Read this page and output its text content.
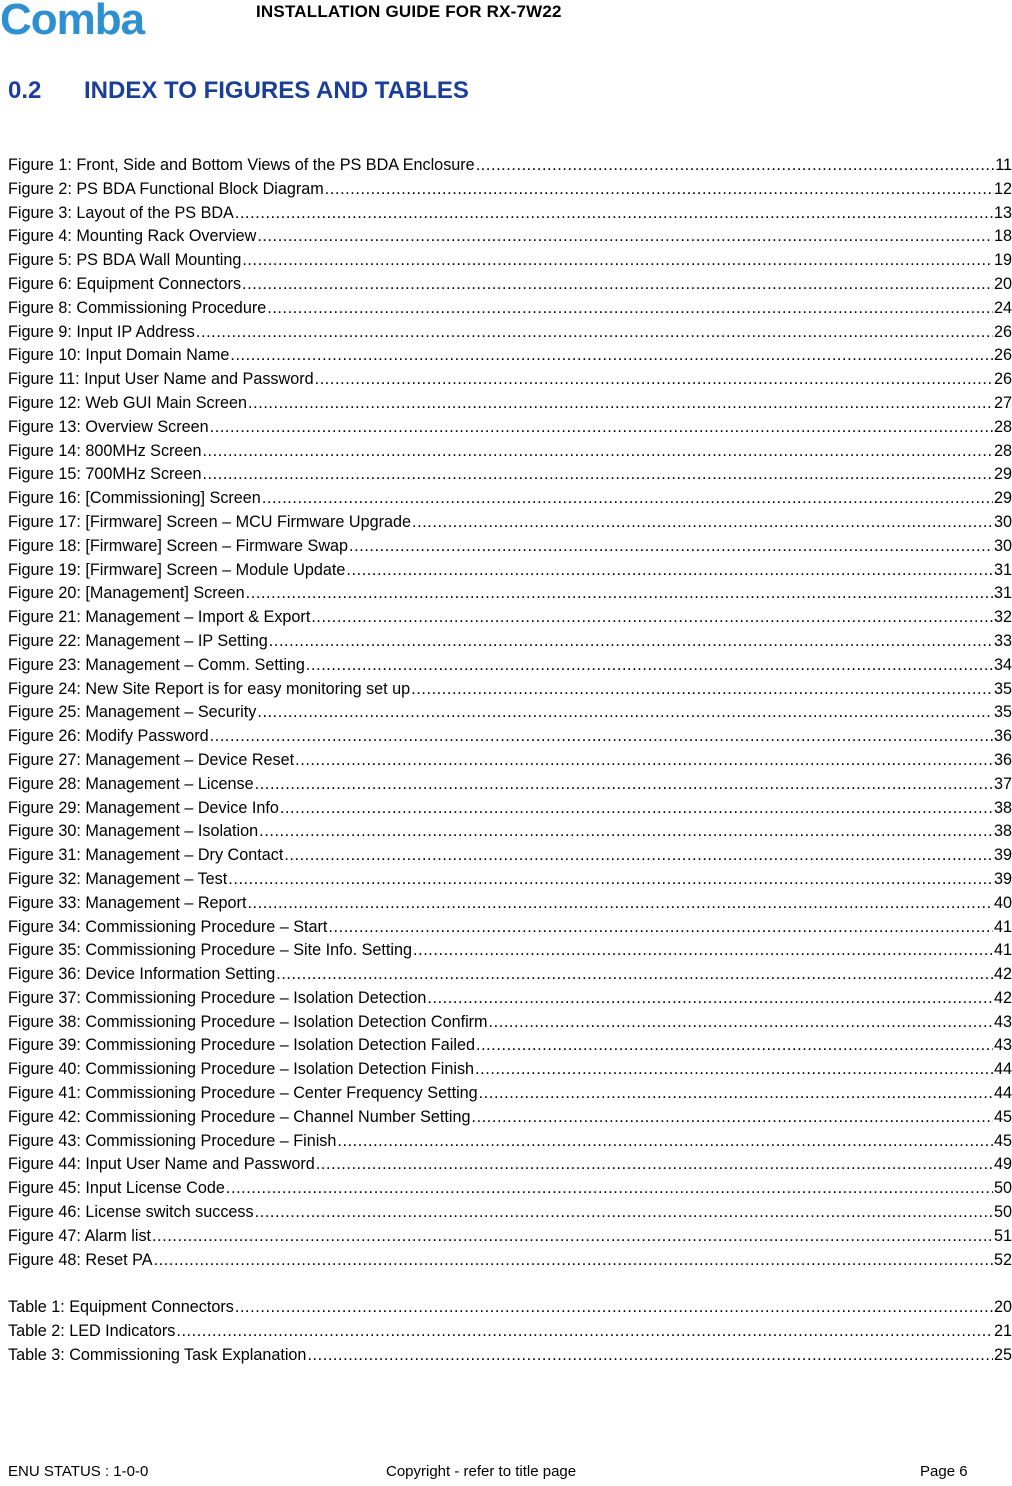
Comba	INSTALLATION GUIDE FOR RX-7W22
0.2 INDEX TO FIGURES AND TABLES
Figure 1: Front, Side and Bottom Views of the PS BDA Enclosure .....	11
Figure 2: PS BDA Functional Block Diagram .....	12
Figure 3: Layout of the PS BDA .....	13
Figure 4: Mounting Rack Overview .....	18
Figure 5: PS BDA Wall Mounting .....	19
Figure 6: Equipment Connectors .....	20
Figure 8: Commissioning Procedure .....	24
Figure 9: Input IP Address .....	26
Figure 10: Input Domain Name .....	26
Figure 11: Input User Name and Password .....	26
Figure 12: Web GUI Main Screen .....	27
Figure 13: Overview Screen .....	28
Figure 14: 800MHz Screen .....	28
Figure 15: 700MHz Screen .....	29
Figure 16: [Commissioning] Screen .....	29
Figure 17: [Firmware] Screen – MCU Firmware Upgrade .....	30
Figure 18: [Firmware] Screen – Firmware Swap .....	30
Figure 19: [Firmware] Screen – Module Update .....	31
Figure 20: [Management] Screen .....	31
Figure 21: Management – Import & Export .....	32
Figure 22: Management – IP Setting .....	33
Figure 23: Management – Comm. Setting .....	34
Figure 24: New Site Report is for easy monitoring set up .....	35
Figure 25: Management – Security .....	35
Figure 26: Modify Password .....	36
Figure 27: Management – Device Reset .....	36
Figure 28: Management – License .....	37
Figure 29: Management – Device Info .....	38
Figure 30: Management – Isolation .....	38
Figure 31: Management – Dry Contact .....	39
Figure 32: Management – Test .....	39
Figure 33: Management – Report .....	40
Figure 34: Commissioning Procedure – Start .....	41
Figure 35: Commissioning Procedure – Site Info. Setting .....	41
Figure 36: Device Information Setting .....	42
Figure 37: Commissioning Procedure – Isolation Detection .....	42
Figure 38: Commissioning Procedure – Isolation Detection Confirm .....	43
Figure 39: Commissioning Procedure – Isolation Detection Failed .....	43
Figure 40: Commissioning Procedure – Isolation Detection Finish .....	44
Figure 41: Commissioning Procedure – Center Frequency Setting .....	44
Figure 42: Commissioning Procedure – Channel Number Setting .....	45
Figure 43: Commissioning Procedure – Finish .....	45
Figure 44: Input User Name and Password .....	49
Figure 45: Input License Code .....	50
Figure 46: License switch success .....	50
Figure 47: Alarm list .....	51
Figure 48: Reset PA .....	52
Table 1: Equipment Connectors .....	20
Table 2: LED Indicators .....	21
Table 3: Commissioning Task Explanation .....	25
ENU STATUS : 1-0-0	Copyright - refer to title page	Page 6
